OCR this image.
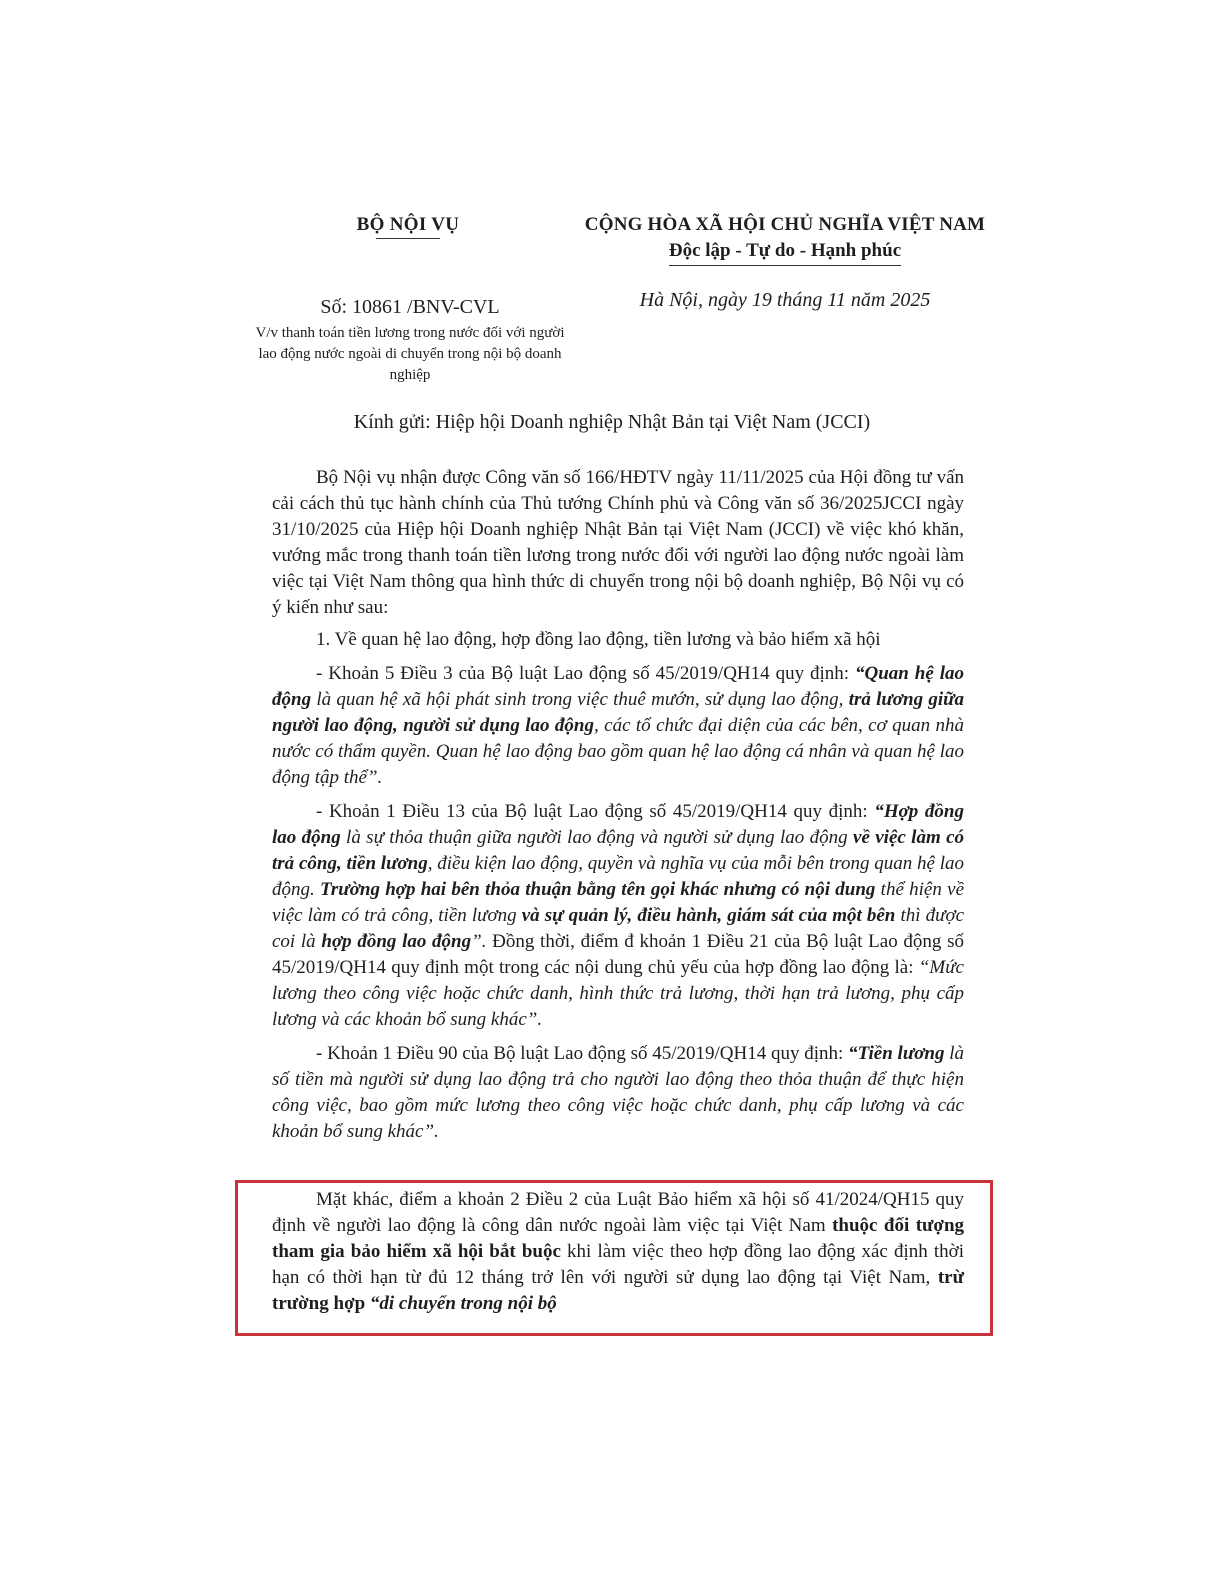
BỘ NỘI VỤ	CỘNG HÒA XÃ HỘI CHỦ NGHĨA VIỆT NAM
Độc lập - Tự do - Hạnh phúc
Số: 10861 /BNV-CVL
V/v thanh toán tiền lương trong nước đối với người lao động nước ngoài di chuyển trong nội bộ doanh nghiệp
Hà Nội, ngày 19 tháng 11 năm 2025
Kính gửi: Hiệp hội Doanh nghiệp Nhật Bản tại Việt Nam (JCCI)

Bộ Nội vụ nhận được Công văn số 166/HĐTV ngày 11/11/2025 của Hội đồng tư vấn cải cách thủ tục hành chính của Thủ tướng Chính phủ và Công văn số 36/2025JCCI ngày 31/10/2025 của Hiệp hội Doanh nghiệp Nhật Bản tại Việt Nam (JCCI) về việc khó khăn, vướng mắc trong thanh toán tiền lương trong nước đối với người lao động nước ngoài làm việc tại Việt Nam thông qua hình thức di chuyển trong nội bộ doanh nghiệp, Bộ Nội vụ có ý kiến như sau:

1. Về quan hệ lao động, hợp đồng lao động, tiền lương và bảo hiểm xã hội

- Khoản 5 Điều 3 của Bộ luật Lao động số 45/2019/QH14 quy định: “Quan hệ lao động là quan hệ xã hội phát sinh trong việc thuê mướn, sử dụng lao động, trả lương giữa người lao động, người sử dụng lao động, các tổ chức đại diện của các bên, cơ quan nhà nước có thẩm quyền. Quan hệ lao động bao gồm quan hệ lao động cá nhân và quan hệ lao động tập thể”.

- Khoản 1 Điều 13 của Bộ luật Lao động số 45/2019/QH14 quy định: “Hợp đồng lao động là sự thỏa thuận giữa người lao động và người sử dụng lao động về việc làm có trả công, tiền lương, điều kiện lao động, quyền và nghĩa vụ của mỗi bên trong quan hệ lao động. Trường hợp hai bên thỏa thuận bằng tên gọi khác nhưng có nội dung thể hiện về việc làm có trả công, tiền lương và sự quản lý, điều hành, giám sát của một bên thì được coi là hợp đồng lao động”. Đồng thời, điểm đ khoản 1 Điều 21 của Bộ luật Lao động số 45/2019/QH14 quy định một trong các nội dung chủ yếu của hợp đồng lao động là: “Mức lương theo công việc hoặc chức danh, hình thức trả lương, thời hạn trả lương, phụ cấp lương và các khoản bổ sung khác”.

- Khoản 1 Điều 90 của Bộ luật Lao động số 45/2019/QH14 quy định: “Tiền lương là số tiền mà người sử dụng lao động trả cho người lao động theo thỏa thuận để thực hiện công việc, bao gồm mức lương theo công việc hoặc chức danh, phụ cấp lương và các khoản bổ sung khác”.

Mặt khác, điểm a khoản 2 Điều 2 của Luật Bảo hiểm xã hội số 41/2024/QH15 quy định về người lao động là công dân nước ngoài làm việc tại Việt Nam thuộc đối tượng tham gia bảo hiểm xã hội bắt buộc khi làm việc theo hợp đồng lao động xác định thời hạn có thời hạn từ đủ 12 tháng trở lên với người sử dụng lao động tại Việt Nam, trừ trường hợp “di chuyển trong nội bộ
